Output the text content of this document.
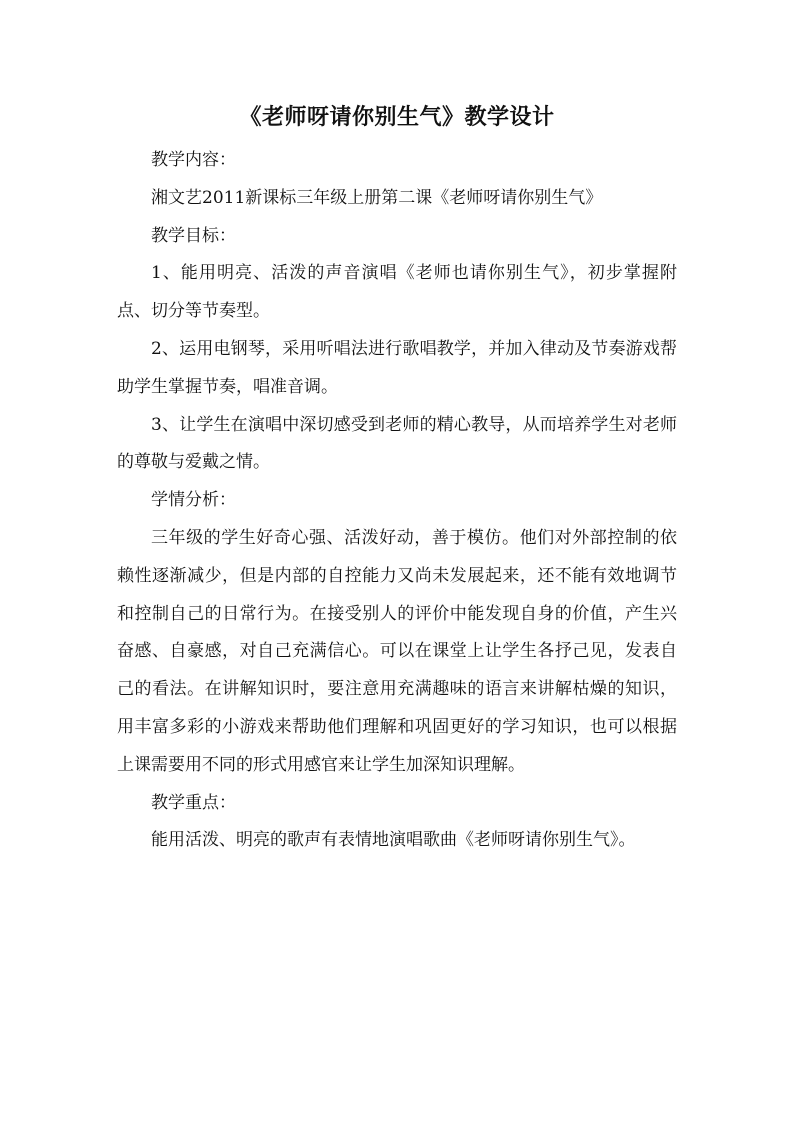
《老师呀请你别生气》教学设计

教学内容：

湘文艺2011新课标三年级上册第二课《老师呀请你别生气》

教学目标：

1、能用明亮、活泼的声音演唱《老师也请你别生气》，初步掌握附点、切分等节奏型。

2、运用电钢琴，采用听唱法进行歌唱教学，并加入律动及节奏游戏帮助学生掌握节奏，唱准音调。

3、让学生在演唱中深切感受到老师的精心教导，从而培养学生对老师的尊敬与爱戴之情。

学情分析：

三年级的学生好奇心强、活泼好动，善于模仿。他们对外部控制的依赖性逐渐减少，但是内部的自控能力又尚未发展起来，还不能有效地调节和控制自己的日常行为。在接受别人的评价中能发现自身的价值，产生兴奋感、自豪感，对自己充满信心。可以在课堂上让学生各抒己见，发表自己的看法。在讲解知识时，要注意用充满趣味的语言来讲解枯燥的知识，用丰富多彩的小游戏来帮助他们理解和巩固更好的学习知识，也可以根据上课需要用不同的形式用感官来让学生加深知识理解。

教学重点：

能用活泼、明亮的歌声有表情地演唱歌曲《老师呀请你别生气》。
